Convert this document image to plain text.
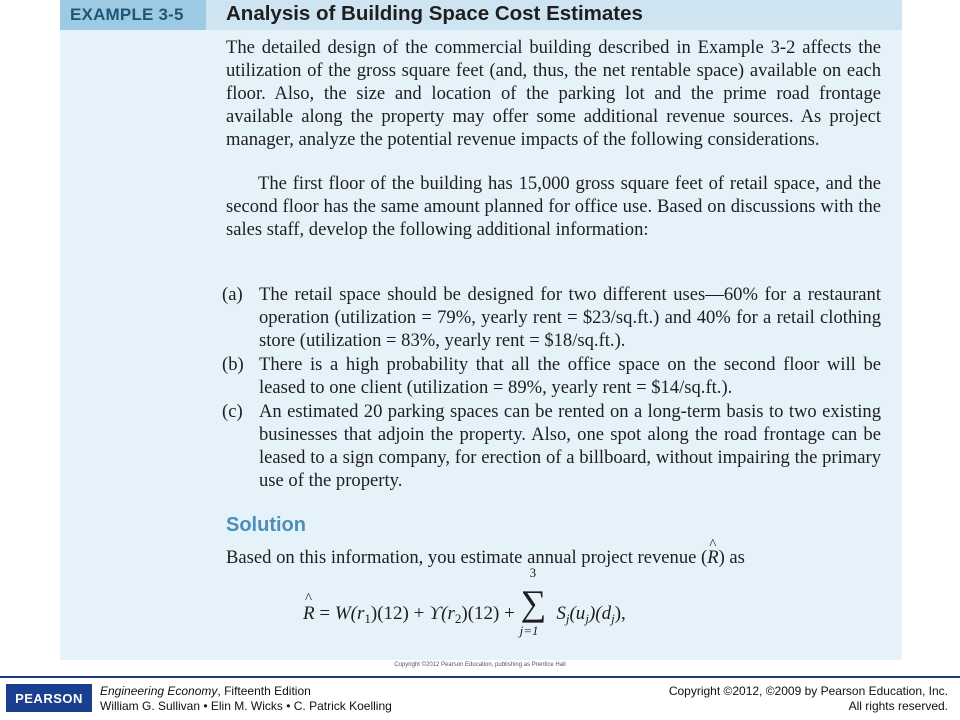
EXAMPLE 3-5 Analysis of Building Space Cost Estimates

The detailed design of the commercial building described in Example 3-2 affects the utilization of the gross square feet (and, thus, the net rentable space) available on each floor. Also, the size and location of the parking lot and the prime road frontage available along the property may offer some additional revenue sources. As project manager, analyze the potential revenue impacts of the following considerations.

The first floor of the building has 15,000 gross square feet of retail space, and the second floor has the same amount planned for office use. Based on discussions with the sales staff, develop the following additional information:

(a) The retail space should be designed for two different uses—60% for a restaurant operation (utilization = 79%, yearly rent = $23/sq.ft.) and 40% for a retail clothing store (utilization = 83%, yearly rent = $18/sq.ft.).

(b) There is a high probability that all the office space on the second floor will be leased to one client (utilization = 89%, yearly rent = $14/sq.ft.).

(c) An estimated 20 parking spaces can be rented on a long-term basis to two existing businesses that adjoin the property. Also, one spot along the road frontage can be leased to a sign company, for erection of a billboard, without impairing the primary use of the property.

Solution
Based on this information, you estimate annual project revenue (^ R) as
^ $R = W(r_1)(12) + ϒ(r_2)(12)$ +
3
∑
j=1
$S_j(u_j)(d_j)$,
Copyright ©2012 Pearson Education, publishing as Prentice Hall
PEARSON	Engineering Economy, Fifteenth Edition
William G. Sullivan • Elin M. Wicks • C. Patrick Koelling
Copyright ©2012, ©2009 by Pearson Education, Inc.
All rights reserved.
